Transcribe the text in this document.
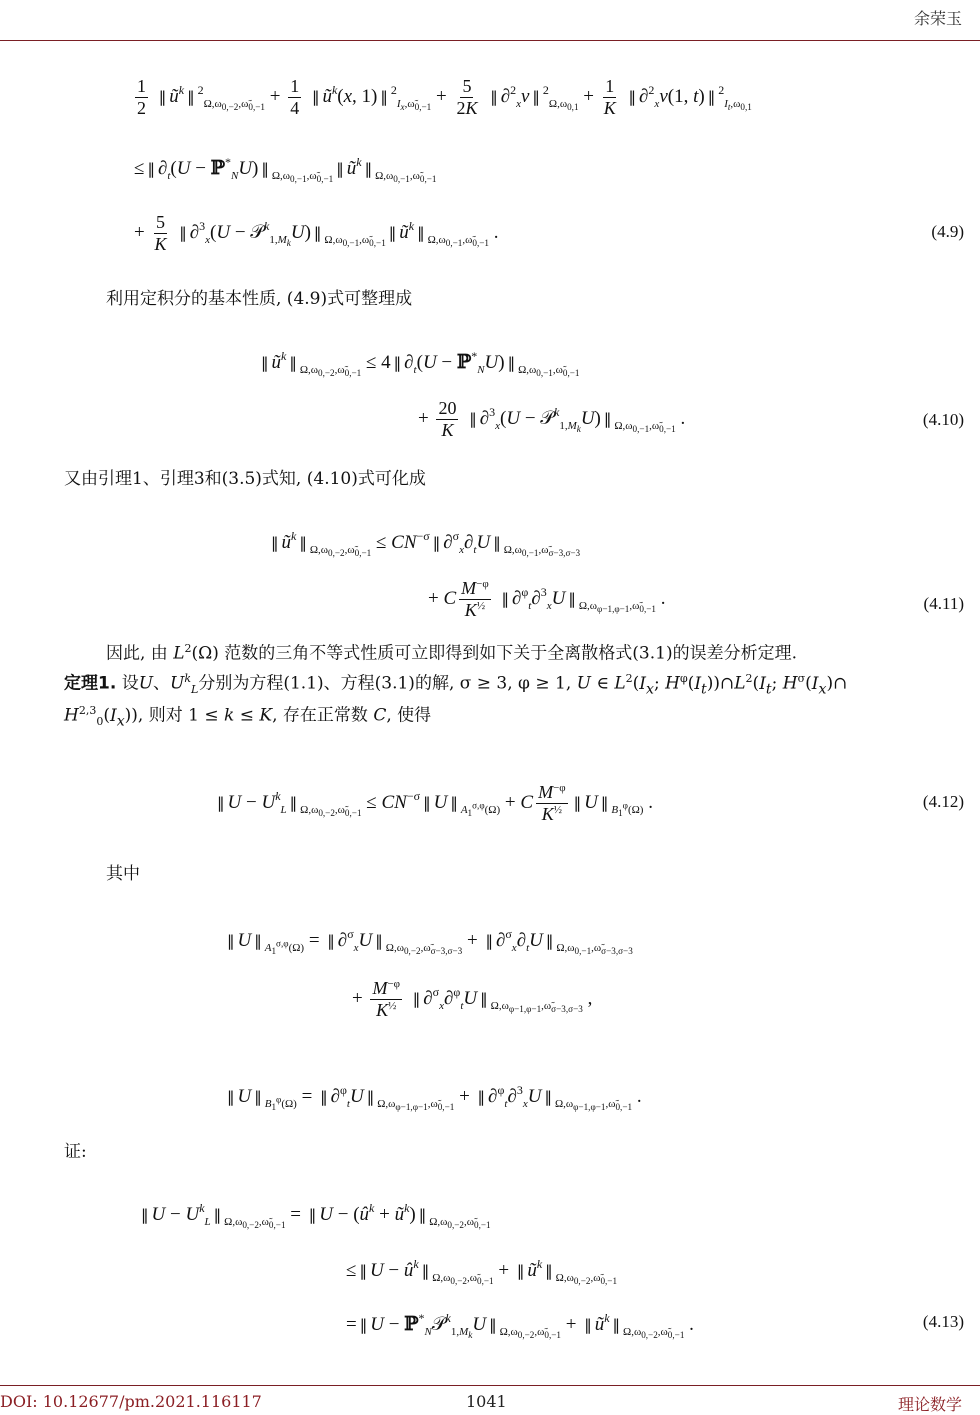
余荣玉
$\frac{1}{2}$ ‖ $ũ^k$ ‖ $^2_{\Omega,\omega_{0,-2},\omegã_{0,-1}} + \frac{1}{4}$ ‖ $ũ^k(x$, 1) ‖ $^2_{I_x,\omegã_{0,-1}} + \frac{5}{2K}$ ‖ ∂$^2_x$v ‖ $^2_{\Omega,\omega_{0,1}} + \frac{1}{K}$ ‖ ∂$^2_x$v(1, t) ‖ $^2_{I_t,\omega_{0,1}}$
≤ ‖ $\partial_t(U$ − ℙ*$_N$U) ‖ $_{\Omega,\omega_{0,-1},\omegã_{0,-1}}$‖ $ũ^k$ ‖ $_{\Omega,\omega_{0,-1},\omegã_{0,-1}}$
+ $\frac{5}{K}$ ‖ ∂$^3_x$(U − 𝒫$^k_{1,M_k}$U) ‖ $_{\Omega,\omega_{0,-1},\omegã_{0,-1}}$‖ $ũ^k$ ‖ $_{\Omega,\omega_{0,-1},\omegã_{0,-1}}$ .	(4.9)
利用定积分的基本性质, (4.9)式可整理成
‖ $ũ^k$ ‖ $_{\Omega,\omega_{0,-2},\omegã_{0,-1}}$ ≤ 4 ‖ $\partial_t(U$ − ℙ*$_N$U) ‖ $_{\Omega,\omega_{0,-1},\omegã_{0,-1}}$
+ $\frac{20}{K}$ ‖ ∂$^3_x$(U − 𝒫$^k_{1,M_k}$U) ‖ $_{\Omega,\omega_{0,-1},\omegã_{0,-1}}$ .	(4.10)
又由引理1、引理3和(3.5)式知, (4.10)式可化成
‖ $ũ^k$ ‖ $_{\Omega,\omega_{0,-2},\omegã_{0,-1}} \le CN^{-\sigma}$ ‖ $\partial^\sigma_x\partial_tU$ ‖ $_{\Omega,\omega_{0,-1},\omegã_{\sigma-3,\sigma-3}}$
+ C $\frac{M^{-\varphi}}{K^{\frac{1}{2}}}$ ‖ ∂$^\varphi_t$∂$^3_x$U ‖ $_{\Omega,\omega_{\varphi-1,\varphi-1},\omegã_{0,-1}}$ .	(4.11)
因此, 由 $L^2(\Omega)$ 范数的三角不等式性质可立即得到如下关于全离散格式(3.1)的误差分析定理.
定理1. 设U、$U^k_L$分别为方程(1.1)、方程(3.1)的解, σ ≥ 3, φ ≥ 1, U ∈ $L^2(I_x$; $H^\varphi(I_t))\cap L^2(I_t$; $H^\sigma(I_x)\cap$
$H^{2,3}_0(I_x)$), 则对 1 ≤ k ≤ K, 存在正常数 C, 使得
‖ $U - U^k_L$ ‖ $_{\Omega,\omega_{0,-2},\omegã_{0,-1}} \le CN^{-\sigma}$ ‖ U ‖ $_{A_1^{\sigma,\varphi}(\Omega)}$ + C $\frac{M^{-\varphi}}{K^{\frac{1}{2}}}$ ‖ U ‖ $_{B_1^\varphi(\Omega)}$ .	(4.12)
其中
‖ U ‖ $_{A_1^{\sigma,\varphi}(\Omega)}$ = ‖ ∂$^\sigma_x$U ‖ $_{\Omega,\omega_{0,-2},\omegã_{\sigma-3,\sigma-3}}$ + ‖ $\partial^\sigma_x\partial_tU$ ‖ $_{\Omega,\omega_{0,-1},\omegã_{\sigma-3,\sigma-3}}$
+ $\frac{M^{-\varphi}}{K^{\frac{1}{2}}}$ ‖ ∂$^\sigma_x$∂$^\varphi_t$U ‖ $_{\Omega,\omega_{\varphi-1,\varphi-1},\omegã_{\sigma-3,\sigma-3}}$ ,
‖ U ‖ $_{B_1^\varphi(\Omega)}$ = ‖ ∂$^\varphi_t$U ‖ $_{\Omega,\omega_{\varphi-1,\varphi-1},\omegã_{0,-1}}$ + ‖ ∂$^\varphi_t$∂$^3_x$U ‖ $_{\Omega,\omega_{\varphi-1,\varphi-1},\omegã_{0,-1}}$ .
证:
‖ $U - U^k_L$ ‖ $_{\Omega,\omega_{0,-2},\omegã_{0,-1}}$ = ‖ $U - (û^k$ + $ũ^k$) ‖ $_{\Omega,\omega_{0,-2},\omegã_{0,-1}}$
≤ ‖ $U - û^k$ ‖ $_{\Omega,\omega_{0,-2},\omegã_{0,-1}}$ + ‖ $ũ^k$ ‖ $_{\Omega,\omega_{0,-2},\omegã_{0,-1}}$
= ‖ U − ℙ*$_N$𝒫$^k_{1,M_k}$U ‖ $_{\Omega,\omega_{0,-2},\omegã_{0,-1}}$ + ‖ $ũ^k$ ‖ $_{\Omega,\omega_{0,-2},\omegã_{0,-1}}$ .	(4.13)
DOI: 10.12677/pm.2021.116117	1041	理论数学
